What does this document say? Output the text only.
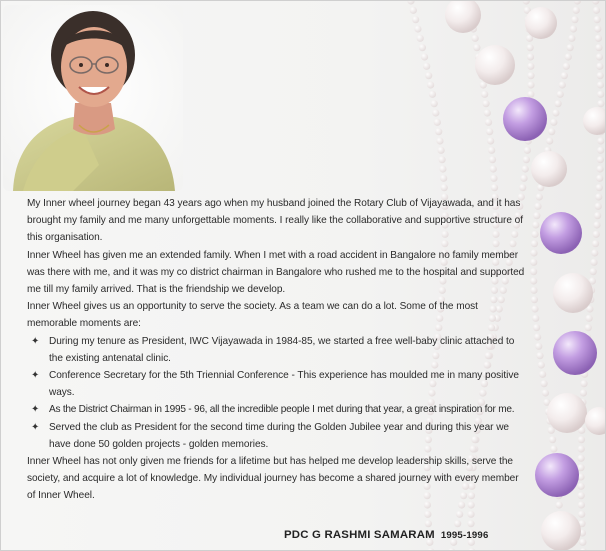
My Inner wheel journey began 43 years ago when my husband joined the Rotary Club of Vijayawada, and it has brought my family and me many unforgettable moments. I really like the collaborative and supportive structure of this organisation.

Inner Wheel has given me an extended family. When I met with a road accident in Bangalore no family member was there with me, and it was my co district chairman in Bangalore who rushed me to the hospital and supported me till my family arrived. That is the friendship we develop.

Inner Wheel gives us an opportunity to serve the society. As a team we can do a lot. Some of the most memorable moments are:

✦ During my tenure as President, IWC Vijayawada in 1984-85, we started a free well-baby clinic attached to the existing antenatal clinic.
✦ Conference Secretary for the 5th Triennial Conference - This experience has moulded me in many positive ways.
✦ As the District Chairman in 1995 - 96, all the incredible people I met during that year, a great inspiration for me.
✦ Served the club as President for the second time during the Golden Jubilee year and during this year we have done 50 golden projects - golden memories.

Inner Wheel has not only given me friends for a lifetime but has helped me develop leadership skills, serve the society, and acquire a lot of knowledge. My individual journey has become a shared journey with every member of Inner Wheel.

PDC G RASHMI SAMARAM 1995-1996
